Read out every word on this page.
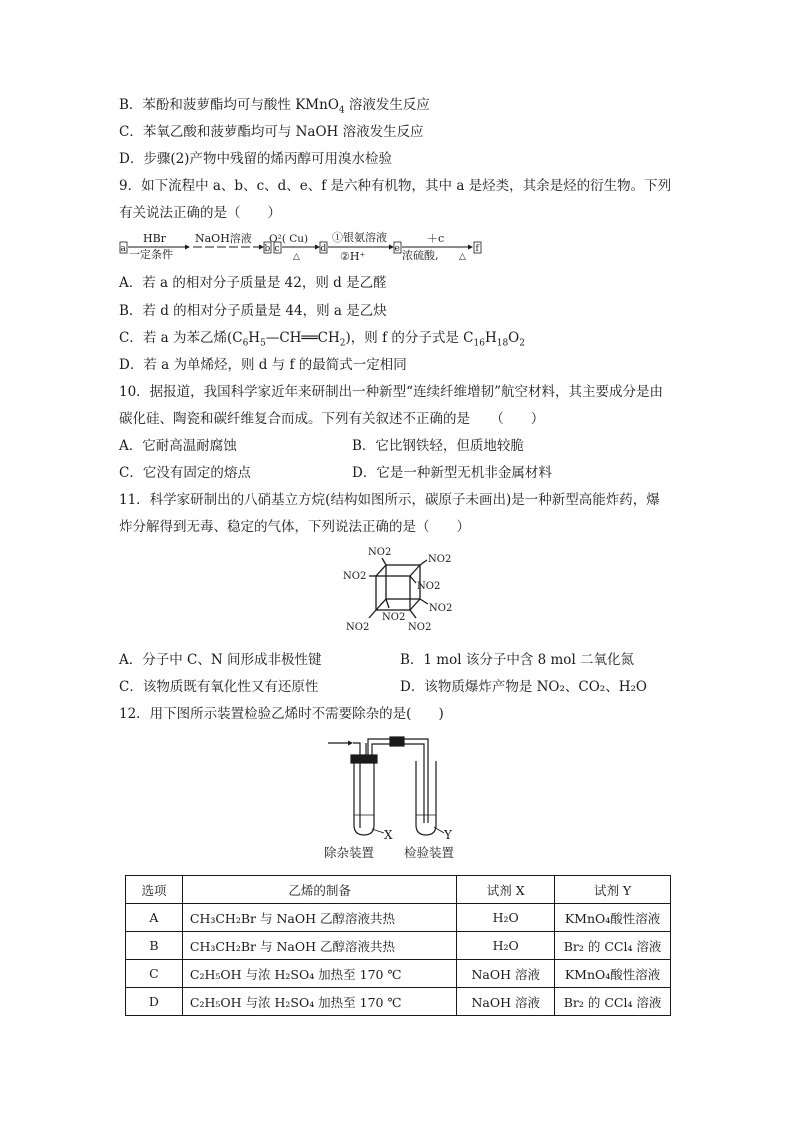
B．苯酚和菠萝酯均可与酸性 KMnO$_4$ 溶液发生反应
C．苯氧乙酸和菠萝酯均可与 NaOH 溶液发生反应
D．步骤(2)产物中残留的烯丙醇可用溴水检验
9．如下流程中 a、b、c、d、e、f 是六种有机物，其中 a 是烃类，其余是烃的衍生物。下列
有关说法正确的是（　　）
a
HBr
一定条件
NaOH溶液
b c
O²( Cu)
△
d
①银氨溶液
②H⁺
e
＋c
浓硫酸, △
f
A．若 a 的相对分子质量是 42，则 d 是乙醛
B．若 d 的相对分子质量是 44，则 a 是乙炔
C．若 a 为苯乙烯$(C_6H_5—CH══CH_2)$，则 f 的分子式是 $C_{16}H_{18}O_2$
D．若 a 为单烯烃，则 d 与 f 的最简式一定相同
10．据报道，我国科学家近年来研制出一种新型“连续纤维增韧”航空材料，其主要成分是由
碳化硅、陶瓷和碳纤维复合而成。下列有关叙述不正确的是　　（　　）
A．它耐高温耐腐蚀	B．它比钢铁轻，但质地较脆
C．它没有固定的熔点	D．它是一种新型无机非金属材料
11．科学家研制出的八硝基立方烷(结构如图所示，碳原子未画出)是一种新型高能炸药，爆
炸分解得到无毒、稳定的气体，下列说法正确的是（　　）
NO2
NO2
NO2
NO2
NO2
NO2	NO2
NO2
A．分子中 C、N 间形成非极性键	B．1 mol 该分子中含 8 mol 二氧化氮
C．该物质既有氧化性又有还原性	D．该物质爆炸产物是 NO₂、CO₂、H₂O
12．用下图所示装置检验乙烯时不需要除杂的是(　　)
X	Y
除杂装置 检验装置
选项	乙烯的制备	试剂 X	试剂 Y
A	CH₃CH₂Br 与 NaOH 乙醇溶液共热	H₂O	KMnO₄酸性溶液
B	CH₃CH₂Br 与 NaOH 乙醇溶液共热	H₂O	Br₂ 的 CCl₄ 溶液
C	C₂H₅OH 与浓 H₂SO₄ 加热至 170 ℃	NaOH 溶液	KMnO₄酸性溶液
D	C₂H₅OH 与浓 H₂SO₄ 加热至 170 ℃	NaOH 溶液	Br₂ 的 CCl₄ 溶液
